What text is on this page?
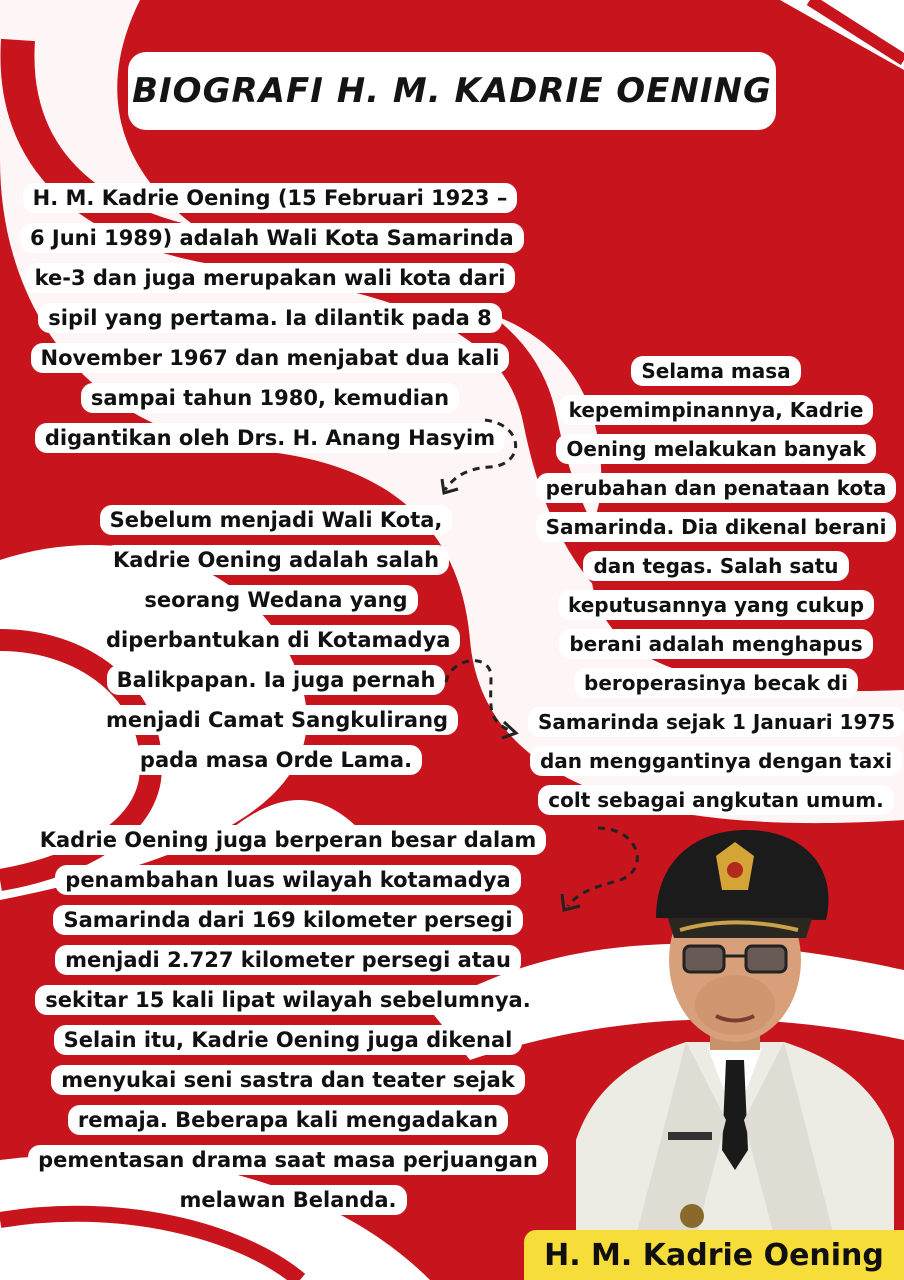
BIOGRAFI H. M. KADRIE OENING
H. M. Kadrie Oening (15 Februari 1923 – 6 Juni 1989) adalah Wali Kota Samarinda ke-3 dan juga merupakan wali kota dari sipil yang pertama. Ia dilantik pada 8 November 1967 dan menjabat dua kali sampai tahun 1980, kemudian digantikan oleh Drs. H. Anang Hasyim
Selama masa kepemimpinannya, Kadrie Oening melakukan banyak perubahan dan penataan kota Samarinda. Dia dikenal berani dan tegas. Salah satu keputusannya yang cukup berani adalah menghapus beroperasinya becak di Samarinda sejak 1 Januari 1975 dan menggantinya dengan taxi colt sebagai angkutan umum.
Sebelum menjadi Wali Kota, Kadrie Oening adalah salah seorang Wedana yang diperbantukan di Kotamadya Balikpapan. Ia juga pernah menjadi Camat Sangkulirang pada masa Orde Lama.
Kadrie Oening juga berperan besar dalam penambahan luas wilayah kotamadya Samarinda dari 169 kilometer persegi menjadi 2.727 kilometer persegi atau sekitar 15 kali lipat wilayah sebelumnya.
Selain itu, Kadrie Oening juga dikenal menyukai seni sastra dan teater sejak remaja. Beberapa kali mengadakan pementasan drama saat masa perjuangan melawan Belanda.
H. M. Kadrie Oening
